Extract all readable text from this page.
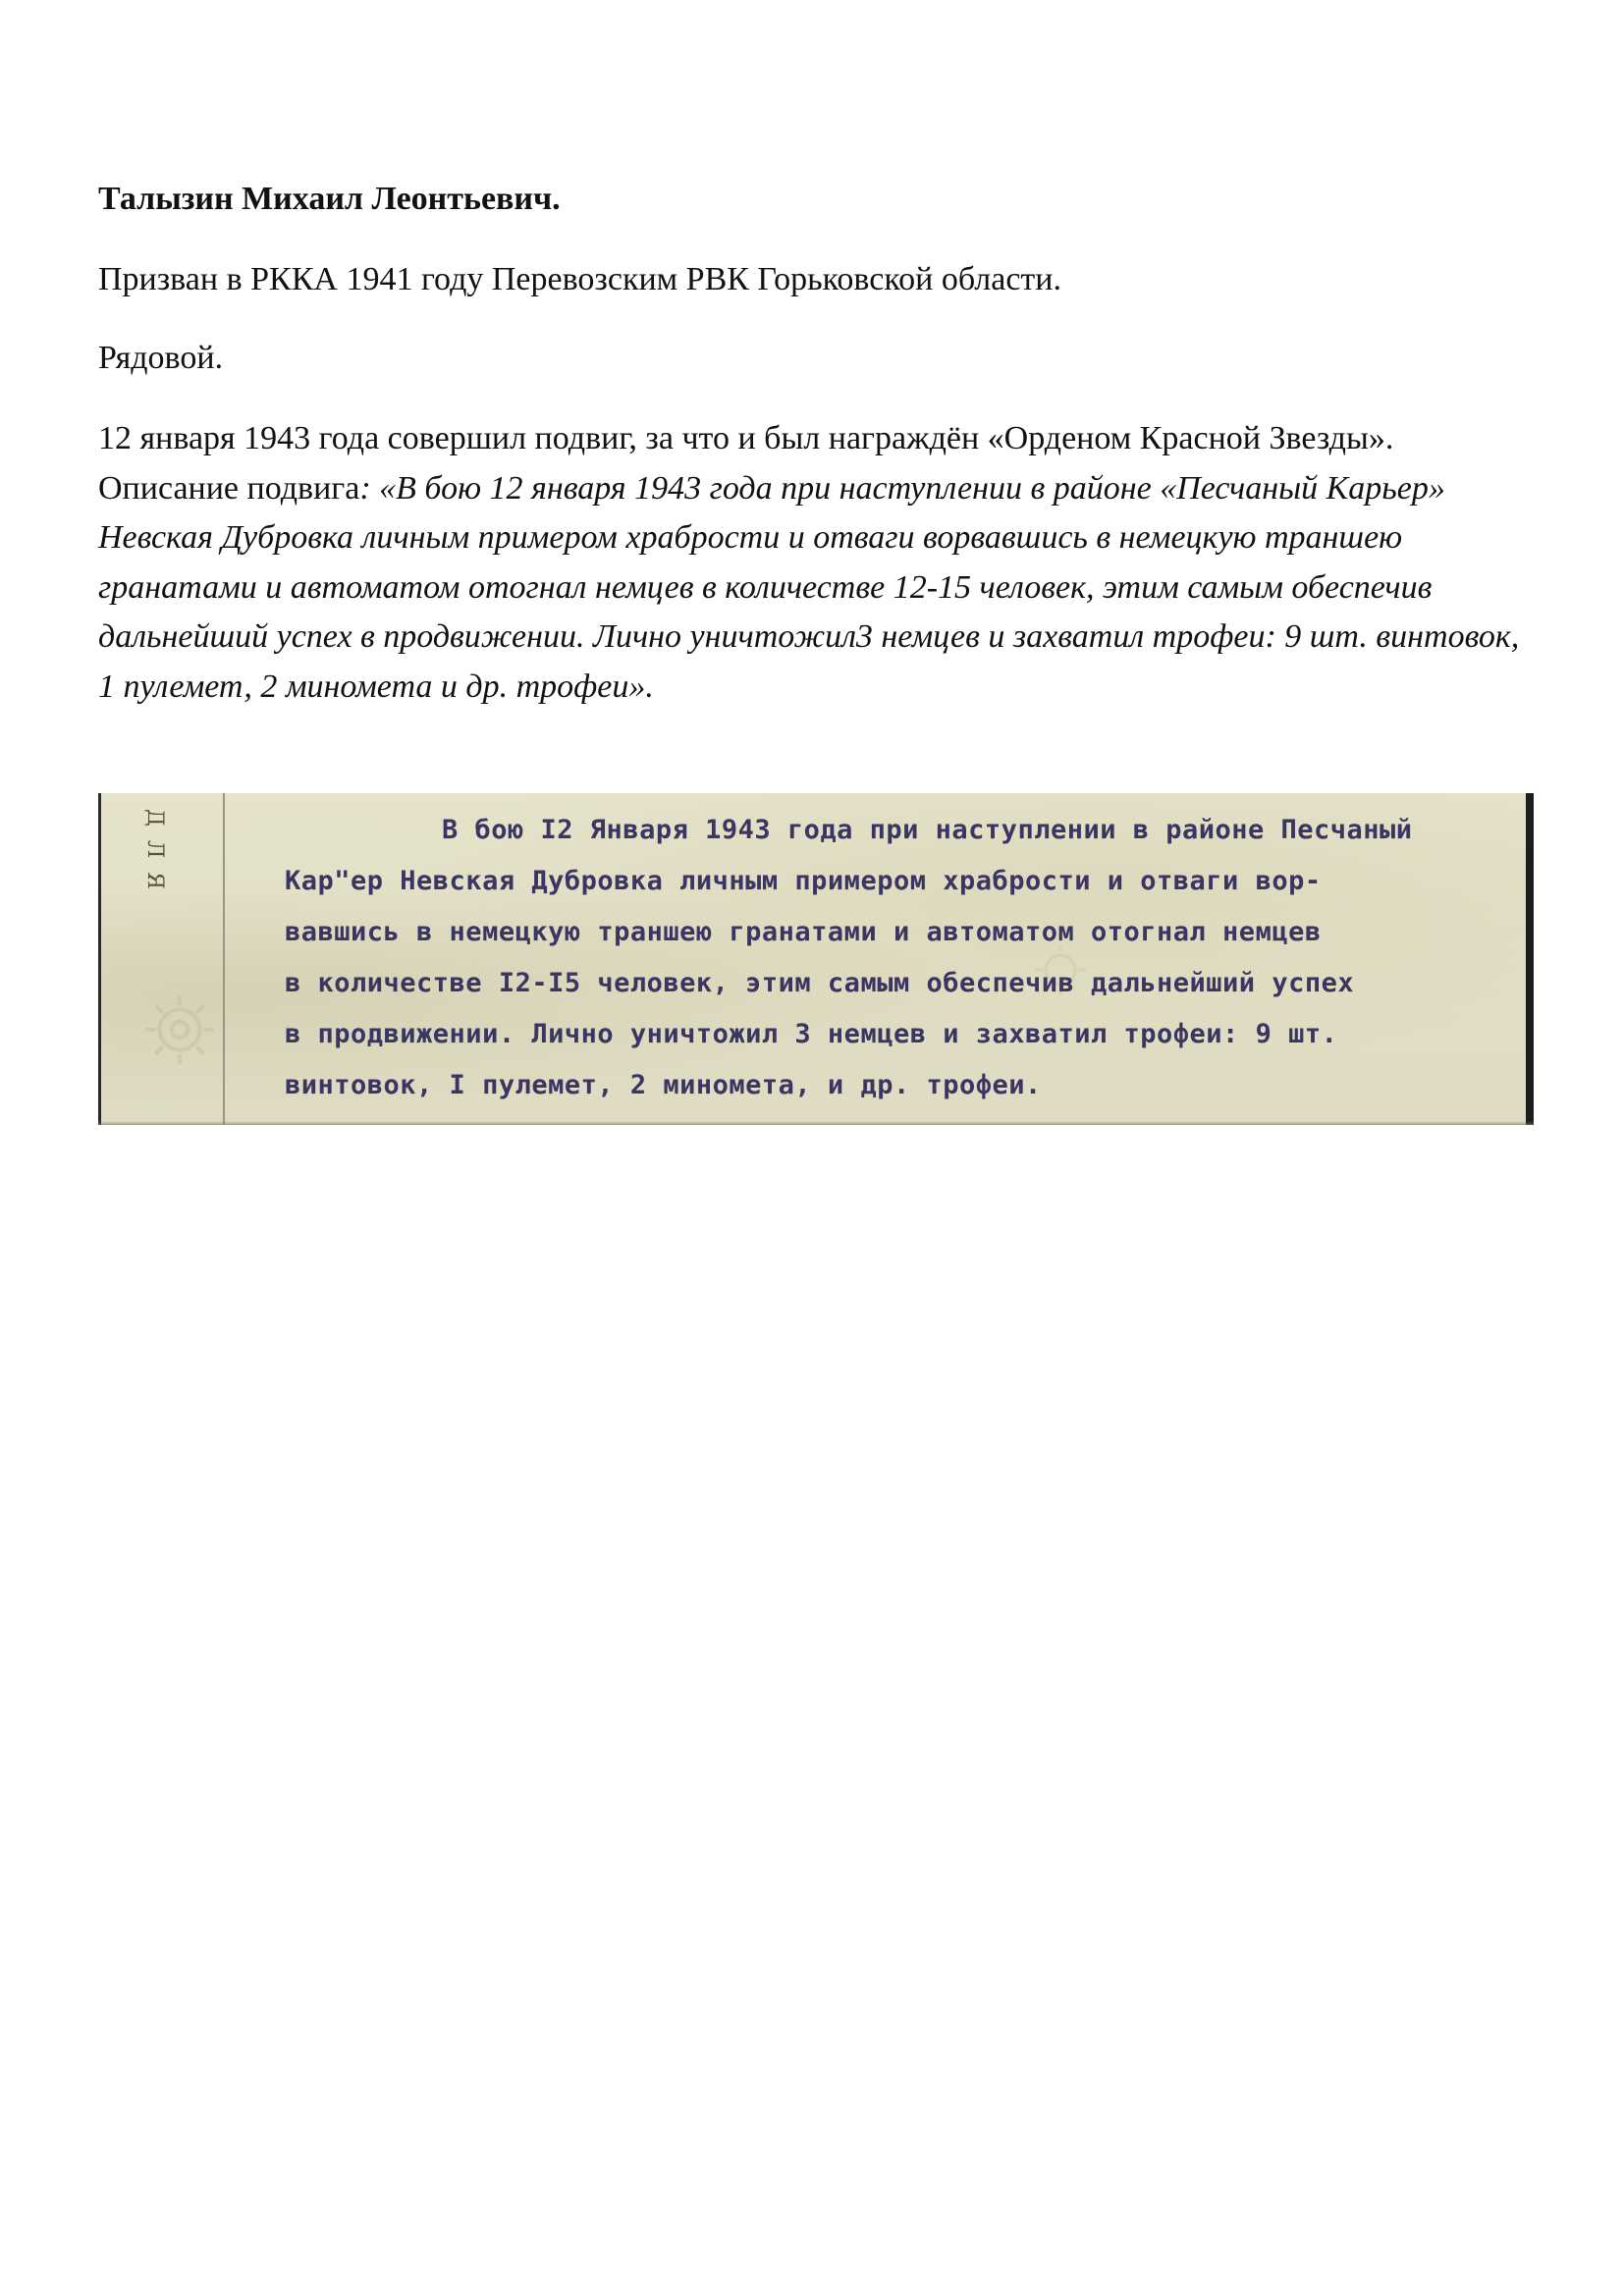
Талызин Михаил Леонтьевич.
Призван в РККА 1941 году Перевозским РВК Горьковской области.
Рядовой.
12 января 1943 года совершил подвиг, за что и был награждён «Орденом Красной Звезды». Описание подвига: «В бою 12 января 1943 года при наступлении в районе «Песчаный Карьер» Невская Дубровка личным примером храбрости и отваги ворвавшись в немецкую траншею гранатами и автоматом отогнал немцев в количестве 12-15 человек, этим самым обеспечив дальнейший успех в продвижении. Лично уничтожил3 немцев и захватил трофеи: 9 шт. винтовок, 1 пулемет, 2 миномета и др. трофеи».
ДЛЯ	В бою I2 Января 1943 года при наступлении в районе Песчаный
Кар"ер Невская Дубровка личным примером храбрости и отваги вор-
вавшись в немецкую траншею гранатами и автоматом отогнал немцев
в количестве I2-I5 человек, этим самым обеспечив дальнейший успех
в продвижении. Лично уничтожил 3 немцев и захватил трофеи: 9 шт.
винтовок, I пулемет, 2 миномета, и др. трофеи.
